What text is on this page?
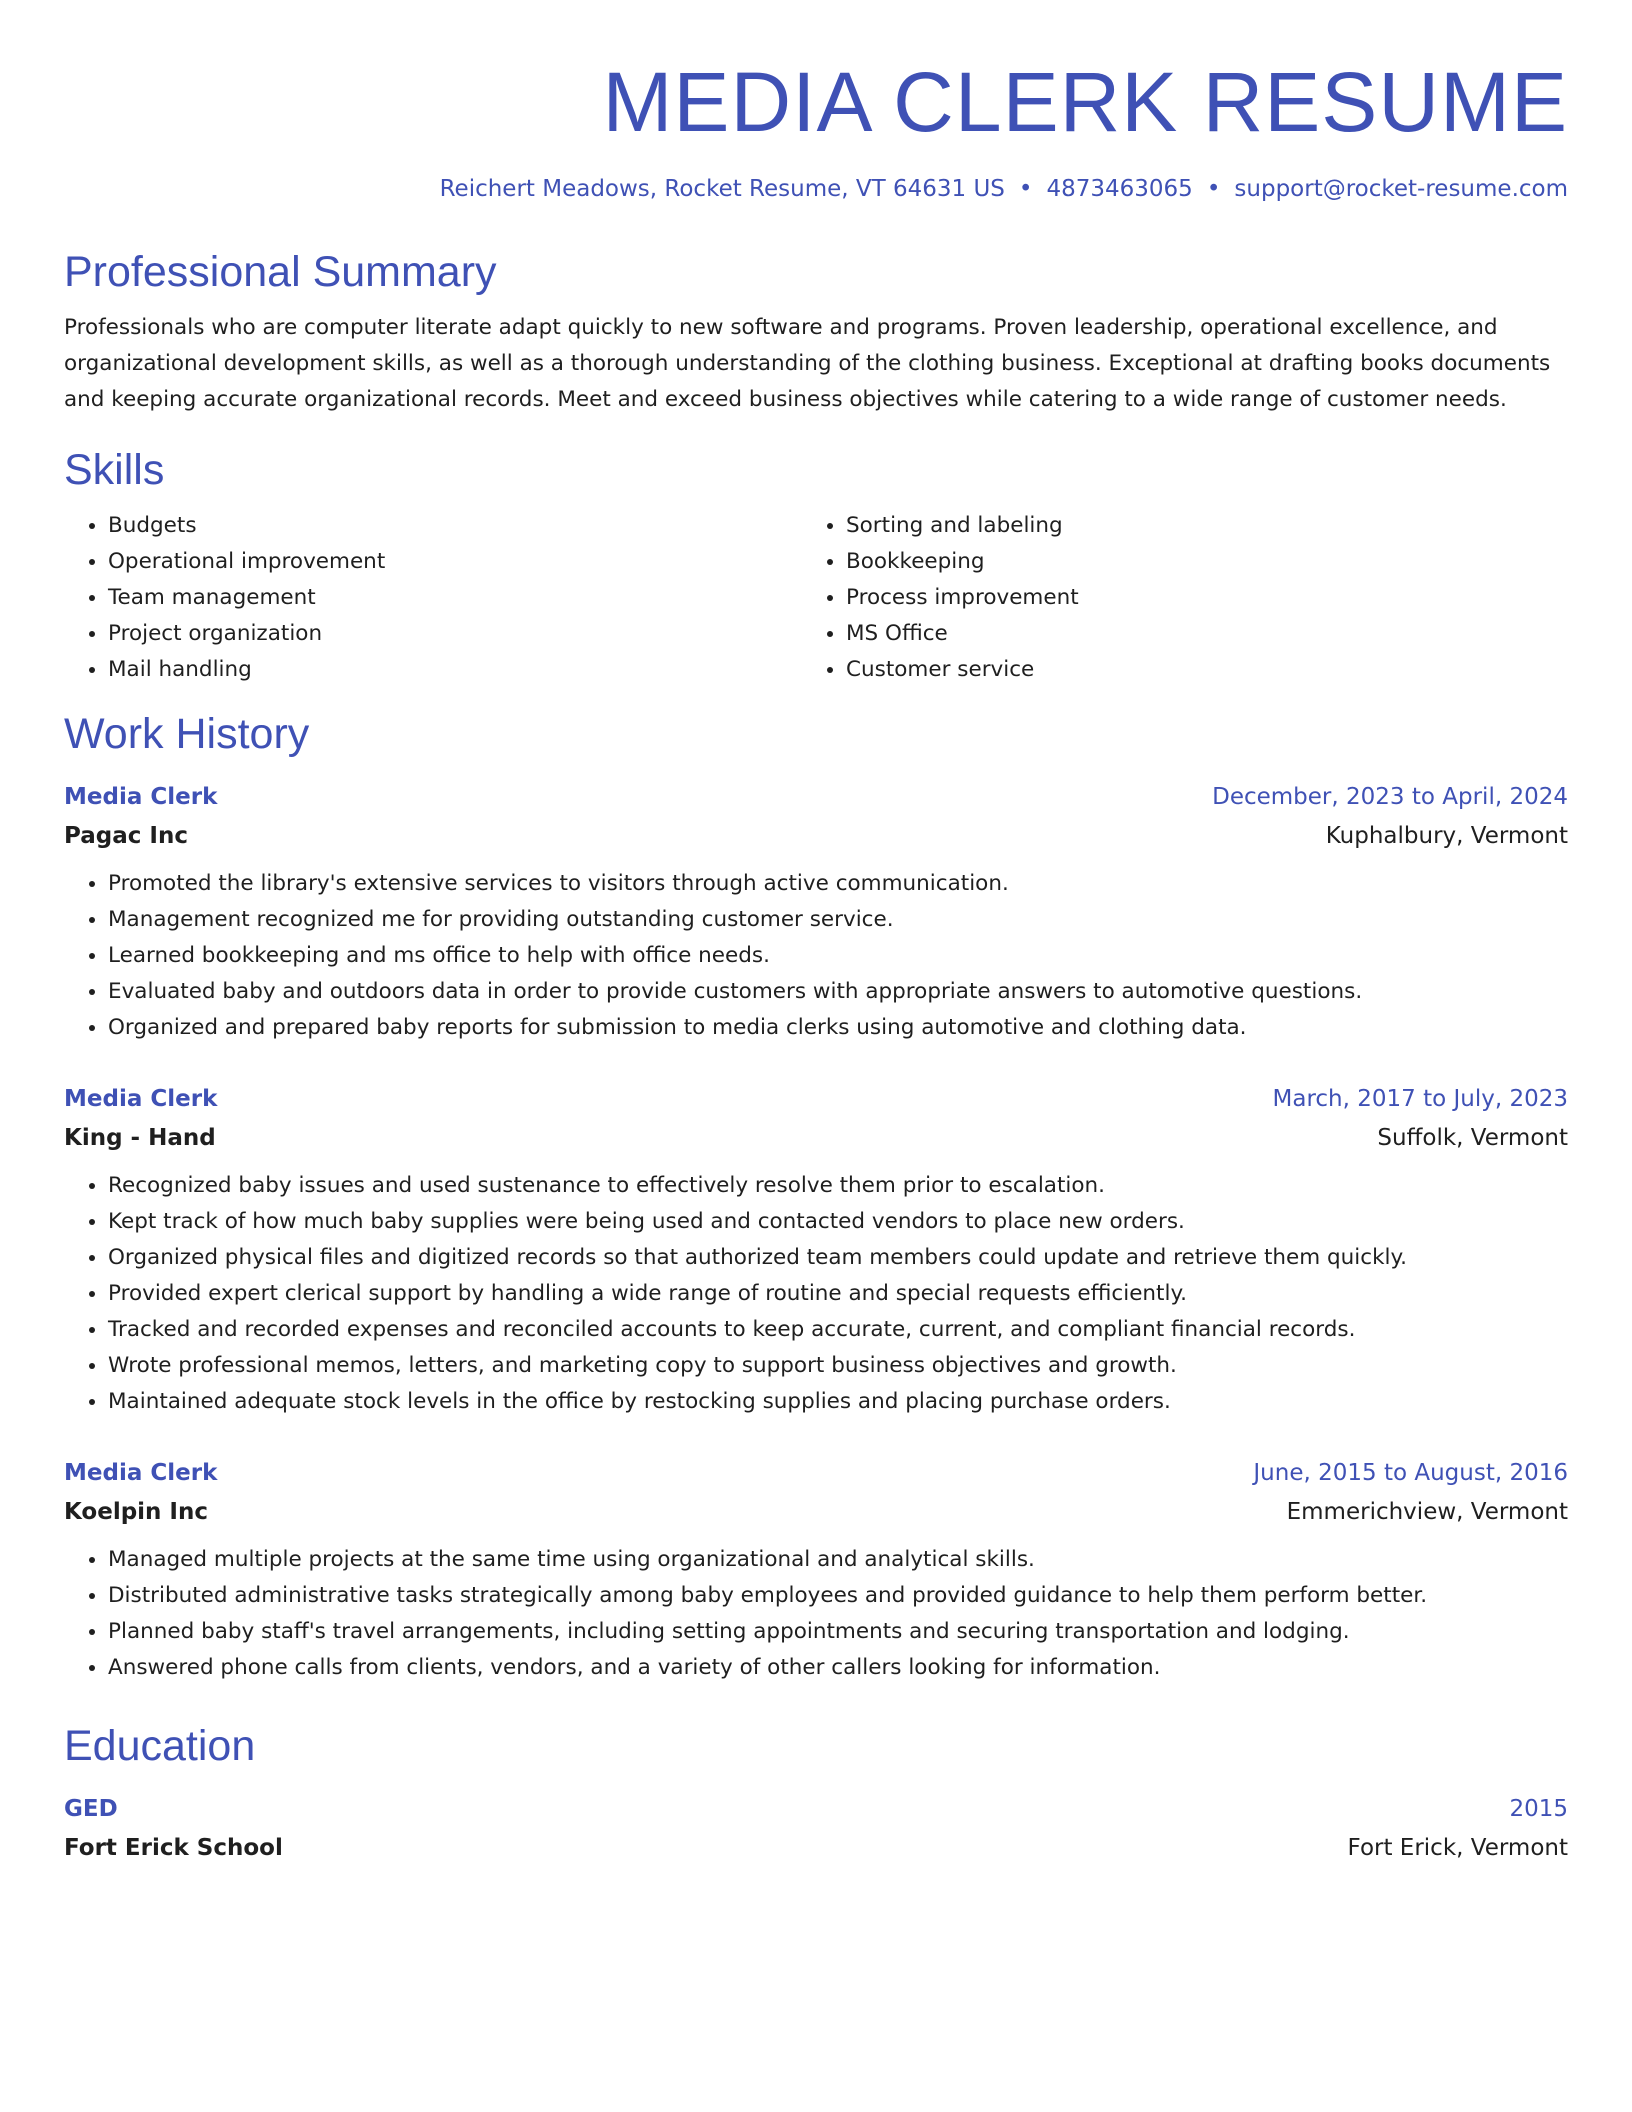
MEDIA CLERK RESUME
Reichert Meadows, Rocket Resume, VT 64631 US • 4873463065 • support@rocket-resume.com
Professional Summary

Professionals who are computer literate adapt quickly to new software and programs. Proven leadership, operational excellence, and organizational development skills, as well as a thorough understanding of the clothing business. Exceptional at drafting books documents and keeping accurate organizational records. Meet and exceed business objectives while catering to a wide range of customer needs.

Skills
• Budgets
• Operational improvement
• Team management
• Project organization
• Mail handling
• Sorting and labeling
• Bookkeeping
• Process improvement
• MS Office
• Customer service
Work History
Media Clerk	December, 2023 to April, 2024
Pagac Inc	Kuphalbury, Vermont
• Promoted the library's extensive services to visitors through active communication.
• Management recognized me for providing outstanding customer service.
• Learned bookkeeping and ms office to help with office needs.
• Evaluated baby and outdoors data in order to provide customers with appropriate answers to automotive questions.
• Organized and prepared baby reports for submission to media clerks using automotive and clothing data.
Media Clerk	March, 2017 to July, 2023
King - Hand	Suffolk, Vermont
• Recognized baby issues and used sustenance to effectively resolve them prior to escalation.
• Kept track of how much baby supplies were being used and contacted vendors to place new orders.
• Organized physical files and digitized records so that authorized team members could update and retrieve them quickly.
• Provided expert clerical support by handling a wide range of routine and special requests efficiently.
• Tracked and recorded expenses and reconciled accounts to keep accurate, current, and compliant financial records.
• Wrote professional memos, letters, and marketing copy to support business objectives and growth.
• Maintained adequate stock levels in the office by restocking supplies and placing purchase orders.
Media Clerk	June, 2015 to August, 2016
Koelpin Inc	Emmerichview, Vermont
• Managed multiple projects at the same time using organizational and analytical skills.
• Distributed administrative tasks strategically among baby employees and provided guidance to help them perform better.
• Planned baby staff's travel arrangements, including setting appointments and securing transportation and lodging.
• Answered phone calls from clients, vendors, and a variety of other callers looking for information.
Education
GED	2015
Fort Erick School	Fort Erick, Vermont
